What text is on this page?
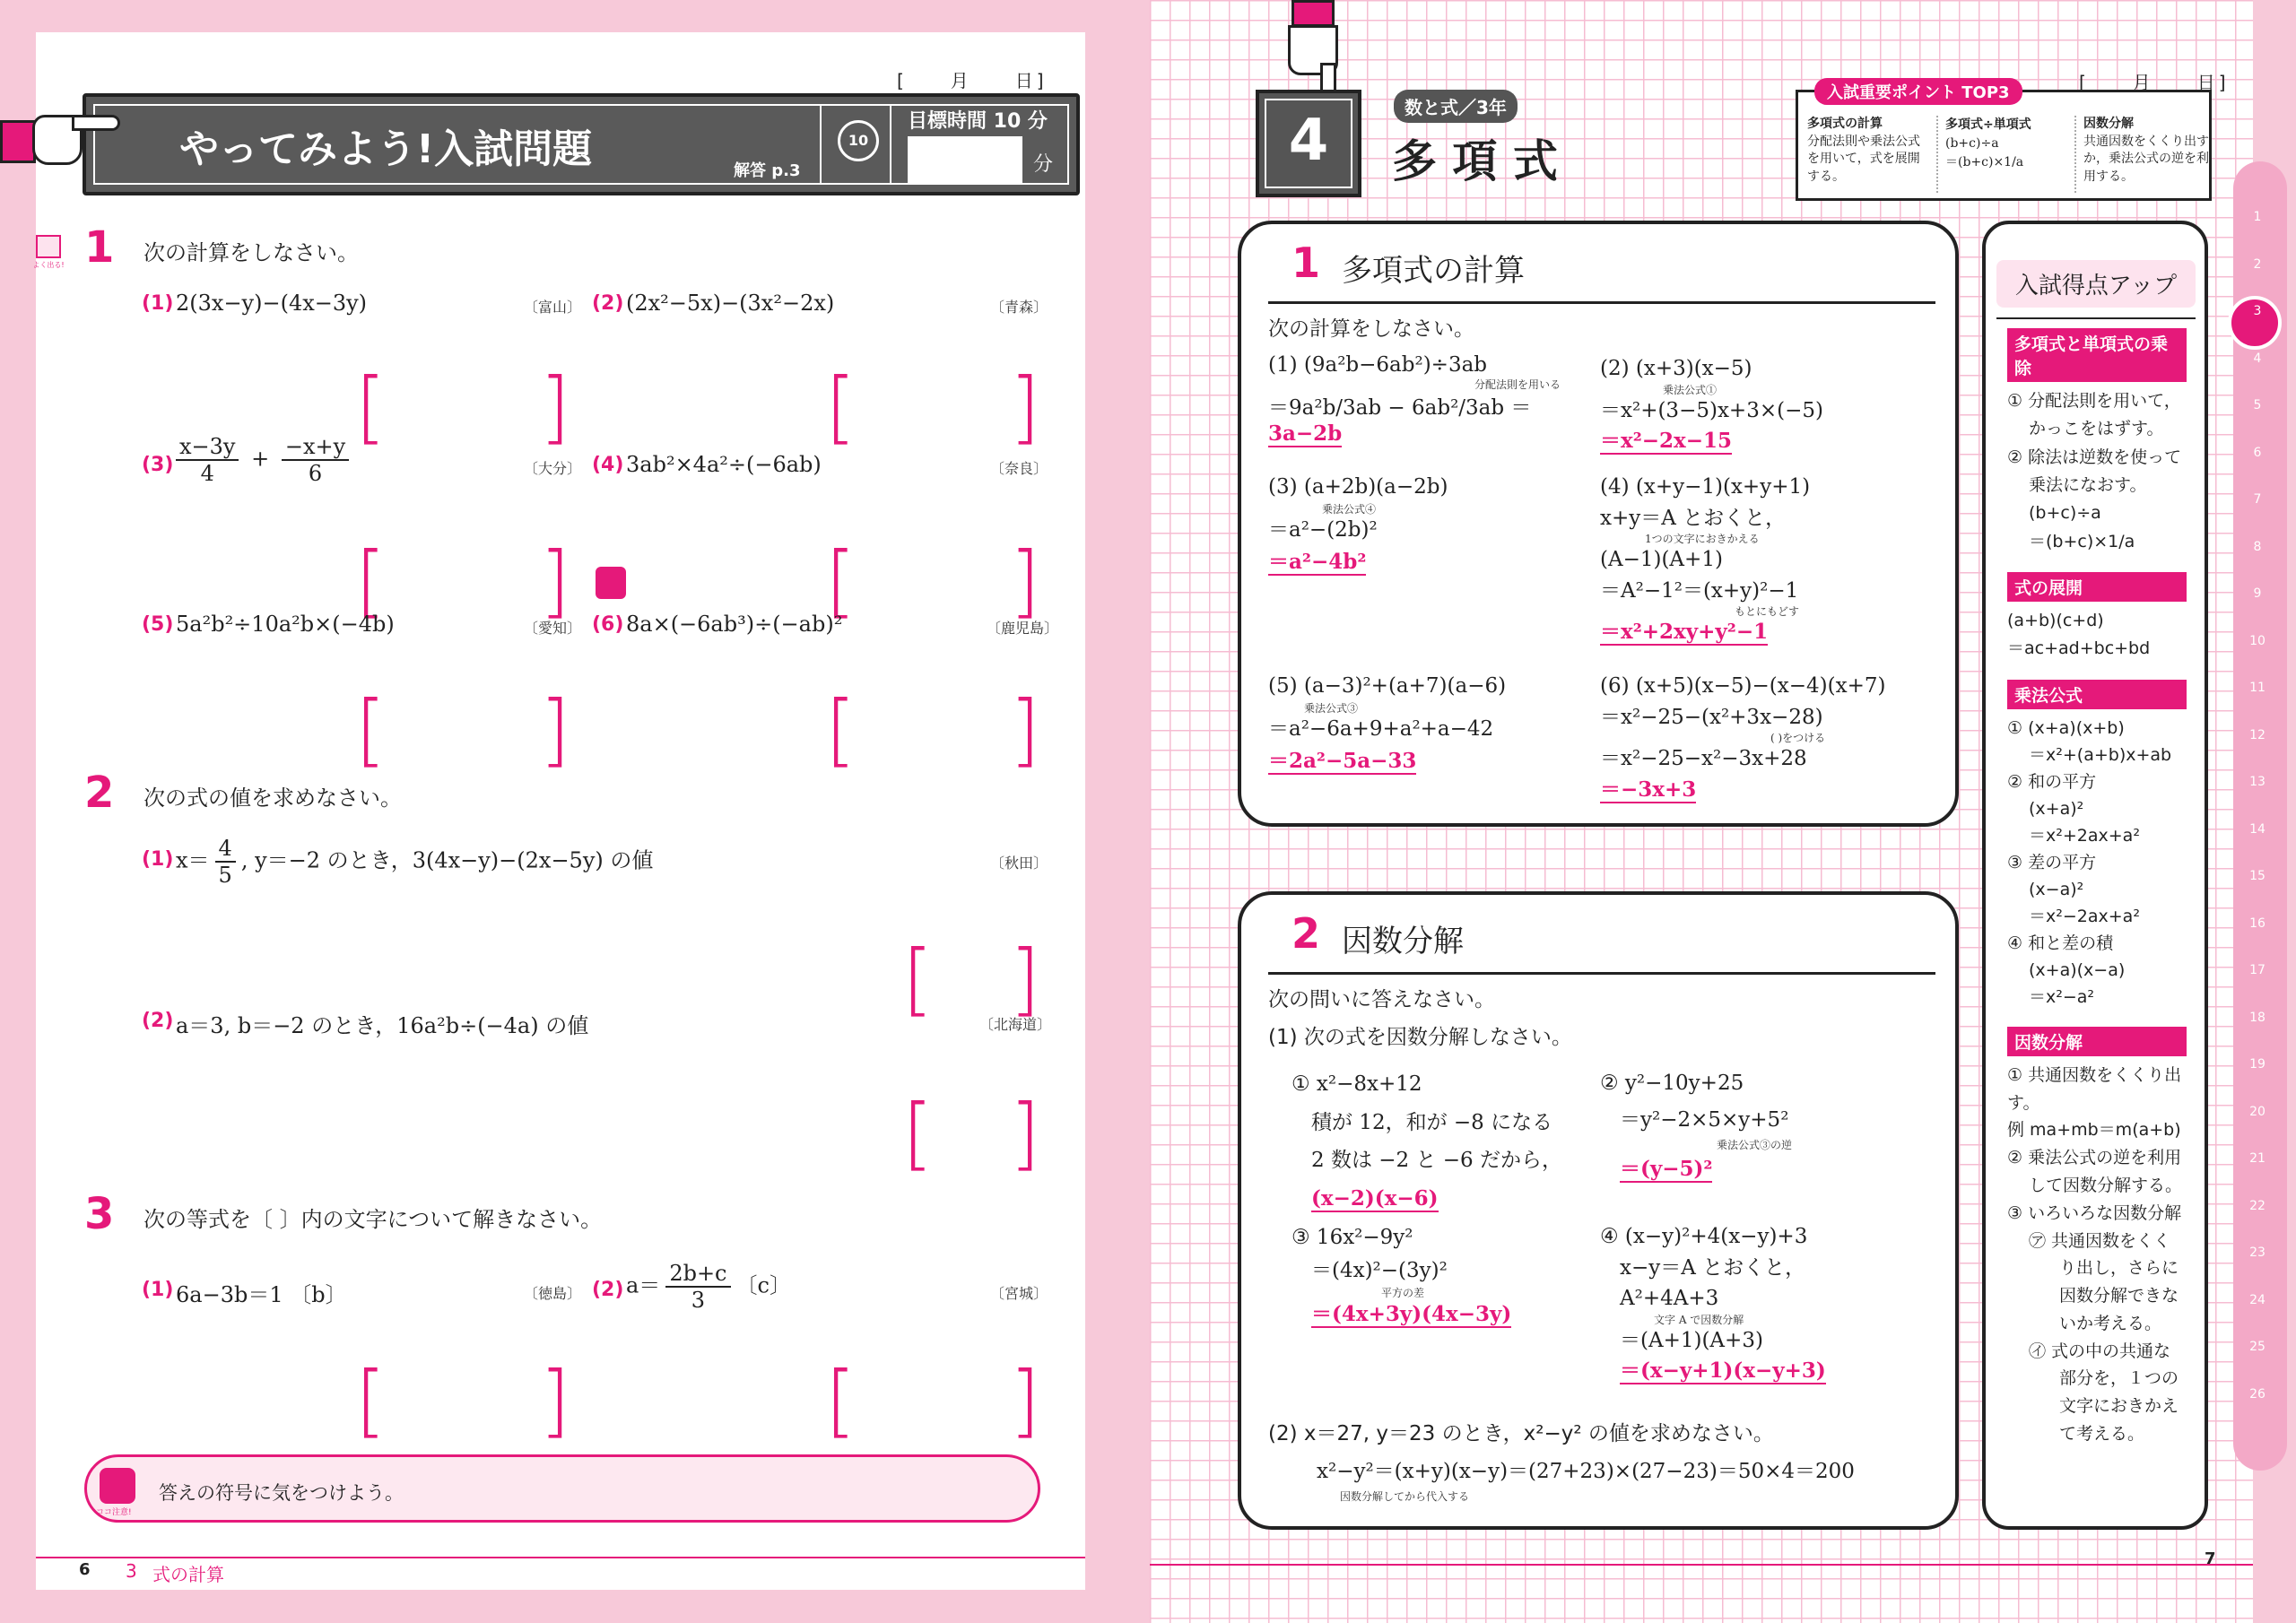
[　　月　　日]
やってみよう!入試問題	解答 p.3
10
目標時間 10 分
分
よく出る! 1 次の計算をしなさい。
(1) 2(3x−y)−(4x−3y)	〔富山〕 (2) (2x²−5x)−(3x²−2x)	〔青森〕
[ ]	[ ]
$(3) \frac{x-3y}{4} + \frac{-x+y}{6}$	〔大分〕 (4) 3ab²×4a²÷(−6ab)	〔奈良〕
[ ]	[ ]
(5) 5a²b²÷10a²b×(−4b)	〔愛知〕 (6) 8a×(−6ab³)÷(−ab)²	〔鹿児島〕
[ ]	[ ]
2 次の式の値を求めなさい。
(1) $x= \frac{4}{5}$ , y＝−2 のとき，3(4x−y)−(2x−5y) の値	〔秋田〕
[ ]
(2) a＝3, b＝−2 のとき，16a²b÷(−4a) の値	〔北海道〕
[ ]
3 次の等式を〔 〕内の文字について解きなさい。
(1) 6a−3b＝1 〔b〕	〔徳島〕 (2) $a= \frac{2b+c}{3}$ 〔c〕	〔宮城〕
[ ]	[ ]
ココ注意!
答えの符号に気をつけよう。
6 3 式の計算
4	数と式／3年
多 項 式
入試重要ポイント TOP3
多項式の計算
分配法則や乗法公式を用いて，式を展開する。
多項式÷単項式
(b+c)÷a
＝(b+c)×1/a
因数分解
共通因数をくくり出すか，乗法公式の逆を利用する。
[　　月　　日]
1 多項式の計算
次の計算をしなさい。
(1) (9a²b−6ab²)÷3ab
分配法則を用いる
＝9a²b/3ab − 6ab²/3ab ＝3a−2b
(3) (a+2b)(a−2b)
乗法公式④
＝a²−(2b)²
＝a²−4b²
(5) (a−3)²+(a+7)(a−6)
乗法公式③
＝a²−6a+9+a²+a−42
＝2a²−5a−33
(2) (x+3)(x−5)
乗法公式①
＝x²+(3−5)x+3×(−5)
＝x²−2x−15
(4) (x+y−1)(x+y+1)
x+y＝A とおくと，
1つの文字におきかえる
(A−1)(A+1)
＝A²−1²＝(x+y)²−1
もとにもどす
＝x²+2xy+y²−1
(6) (x+5)(x−5)−(x−4)(x+7)
＝x²−25−(x²+3x−28)
( )をつける
＝x²−25−x²−3x+28
＝−3x+3
2 因数分解
次の問いに答えなさい。
(1) 次の式を因数分解しなさい。
① x²−8x+12
積が 12，和が −8 になる
2 数は −2 と −6 だから，
(x−2)(x−6)
③ 16x²−9y²
＝(4x)²−(3y)²
平方の差
＝(4x+3y)(4x−3y)
② y²−10y+25
＝y²−2×5×y+5²
乗法公式③の逆
＝(y−5)²
④ (x−y)²+4(x−y)+3
x−y＝A とおくと，
A²+4A+3
文字 A で因数分解
＝(A+1)(A+3)
＝(x−y+1)(x−y+3)
(2) x＝27, y＝23 のとき，x²−y² の値を求めなさい。
x²−y²＝(x+y)(x−y)＝(27+23)×(27−23)＝50×4＝200
因数分解してから代入する
入試得点アップ
多項式と単項式の乗除
① 分配法則を用いて，
かっこをはずす。
② 除法は逆数を使って
乗法になおす。
(b+c)÷a
＝(b+c)×1/a
式の展開
(a+b)(c+d)
＝ac+ad+bc+bd
乗法公式
① (x+a)(x+b)
＝x²+(a+b)x+ab
② 和の平方
(x+a)²
＝x²+2ax+a²
③ 差の平方
(x−a)²
＝x²−2ax+a²
④ 和と差の積
(x+a)(x−a)
＝x²−a²
因数分解
① 共通因数をくくり出す。
例 ma+mb＝m(a+b)
② 乗法公式の逆を利用
して因数分解する。
③ いろいろな因数分解
㋐ 共通因数をくく
り出し，さらに
因数分解できな
いか考える。
㋑ 式の中の共通な
部分を，１つの
文字におきかえ
て考える。
7
1
2
3
4
5
6
7
8
9
10
11
12
13
14
15
16
17
18
19
20
21
22
23
24
25
26
